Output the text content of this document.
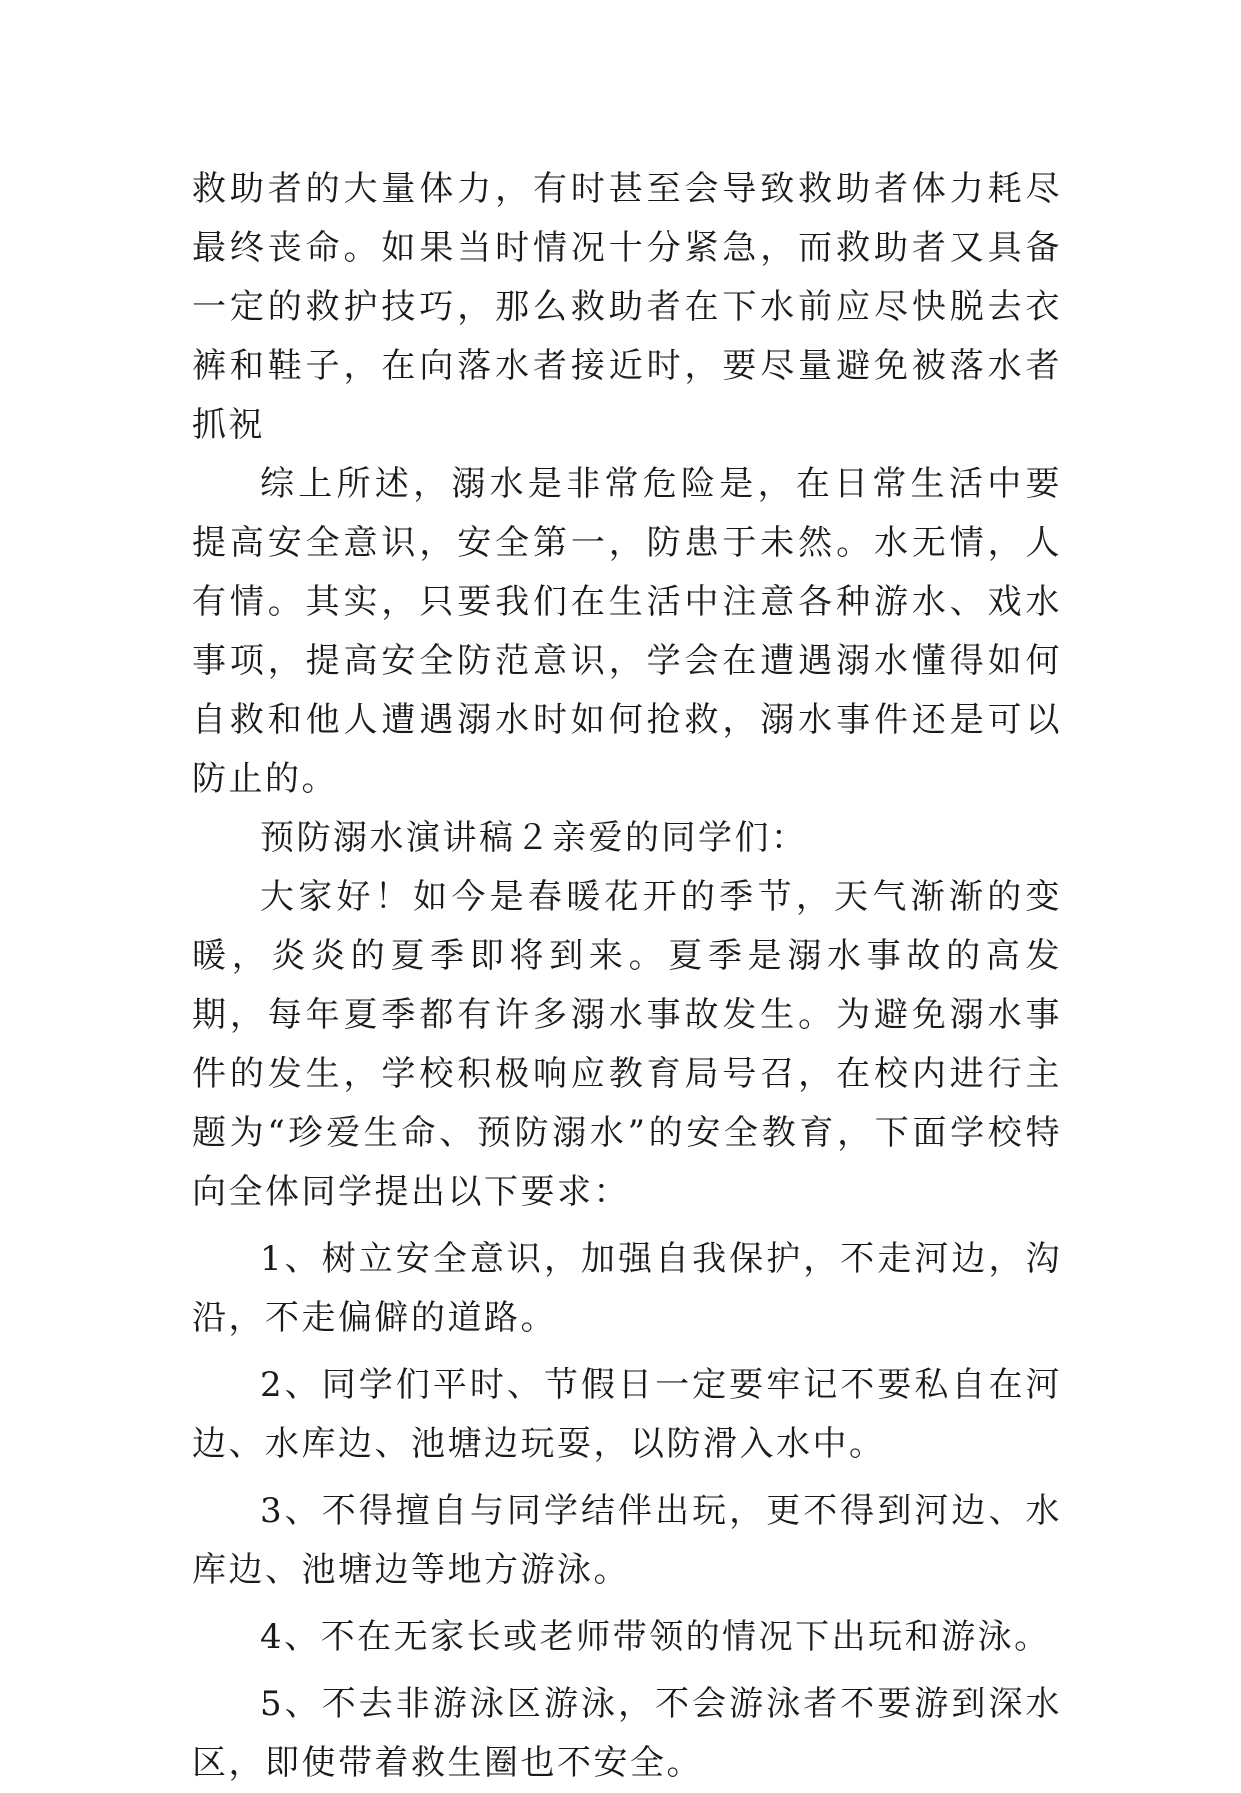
救助者的大量体力，有时甚至会导致救助者体力耗尽最终丧命。如果当时情况十分紧急，而救助者又具备一定的救护技巧，那么救助者在下水前应尽快脱去衣裤和鞋子，在向落水者接近时，要尽量避免被落水者抓祝

综上所述，溺水是非常危险是，在日常生活中要提高安全意识，安全第一，防患于未然。水无情，人有情。其实，只要我们在生活中注意各种游水、戏水事项，提高安全防范意识，学会在遭遇溺水懂得如何自救和他人遭遇溺水时如何抢救，溺水事件还是可以防止的。

预防溺水演讲稿２亲爱的同学们：

大家好！如今是春暖花开的季节，天气渐渐的变暖，炎炎的夏季即将到来。夏季是溺水事故的高发期，每年夏季都有许多溺水事故发生。为避免溺水事件的发生，学校积极响应教育局号召，在校内进行主题为“珍爱生命、预防溺水”的安全教育，下面学校特向全体同学提出以下要求：

1、树立安全意识，加强自我保护，不走河边，沟沿，不走偏僻的道路。

2、同学们平时、节假日一定要牢记不要私自在河边、水库边、池塘边玩耍，以防滑入水中。

3、不得擅自与同学结伴出玩，更不得到河边、水库边、池塘边等地方游泳。

4、不在无家长或老师带领的情况下出玩和游泳。

5、不去非游泳区游泳，不会游泳者不要游到深水区，即使带着救生圈也不安全。
